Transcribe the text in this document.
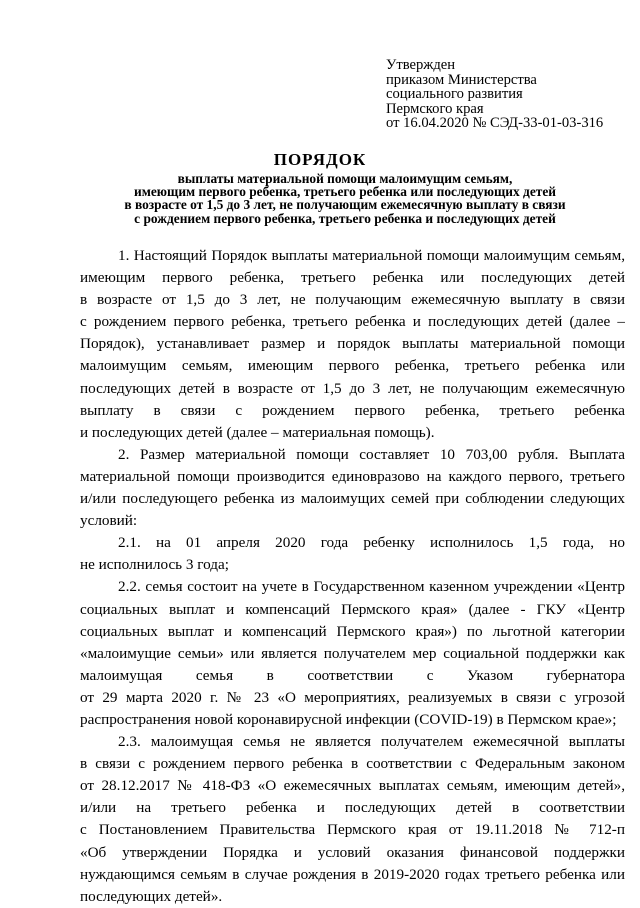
Утвержден
приказом Министерства
социального развития
Пермского края
от 16.04.2020 № СЭД-33-01-03-316
ПОРЯДОК
выплаты материальной помощи малоимущим семьям,
имеющим первого ребенка, третьего ребенка или последующих детей
в возрасте от 1,5 до 3 лет, не получающим ежемесячную выплату в связи
с рождением первого ребенка, третьего ребенка и последующих детей
1. Настоящий Порядок выплаты материальной помощи малоимущим семьям,
имеющим первого ребенка, третьего ребенка или последующих детей
в возрасте от 1,5 до 3 лет, не получающим ежемесячную выплату в связи
с рождением первого ребенка, третьего ребенка и последующих детей (далее –
Порядок), устанавливает размер и порядок выплаты материальной помощи
малоимущим семьям, имеющим первого ребенка, третьего ребенка или
последующих детей в возрасте от 1,5 до 3 лет, не получающим ежемесячную
выплату в связи с рождением первого ребенка, третьего ребенка
и последующих детей (далее – материальная помощь).
2. Размер материальной помощи составляет 10 703,00 рубля. Выплата
материальной помощи производится единовразово на каждого первого, третьего
и/или последующего ребенка из малоимущих семей при соблюдении следующих
условий:
2.1. на 01 апреля 2020 года ребенку исполнилось 1,5 года, но
не исполнилось 3 года;
2.2. семья состоит на учете в Государственном казенном учреждении «Центр
социальных выплат и компенсаций Пермского края» (далее - ГКУ «Центр
социальных выплат и компенсаций Пермского края») по льготной категории
«малоимущие семьи» или является получателем мер социальной поддержки как
малоимущая семья в соответствии с Указом губернатора
от 29 марта 2020 г. № 23 «О мероприятиях, реализуемых в связи с угрозой
распространения новой коронавирусной инфекции (COVID-19) в Пермском крае»;
2.3. малоимущая семья не является получателем ежемесячной выплаты
в связи с рождением первого ребенка в соответствии с Федеральным законом
от 28.12.2017 № 418-ФЗ «О ежемесячных выплатах семьям, имеющим детей»,
и/или на третьего ребенка и последующих детей в соответствии
с Постановлением Правительства Пермского края от 19.11.2018 № 712-п
«Об утверждении Порядка и условий оказания финансовой поддержки
нуждающимся семьям в случае рождения в 2019-2020 годах третьего ребенка или
последующих детей».
